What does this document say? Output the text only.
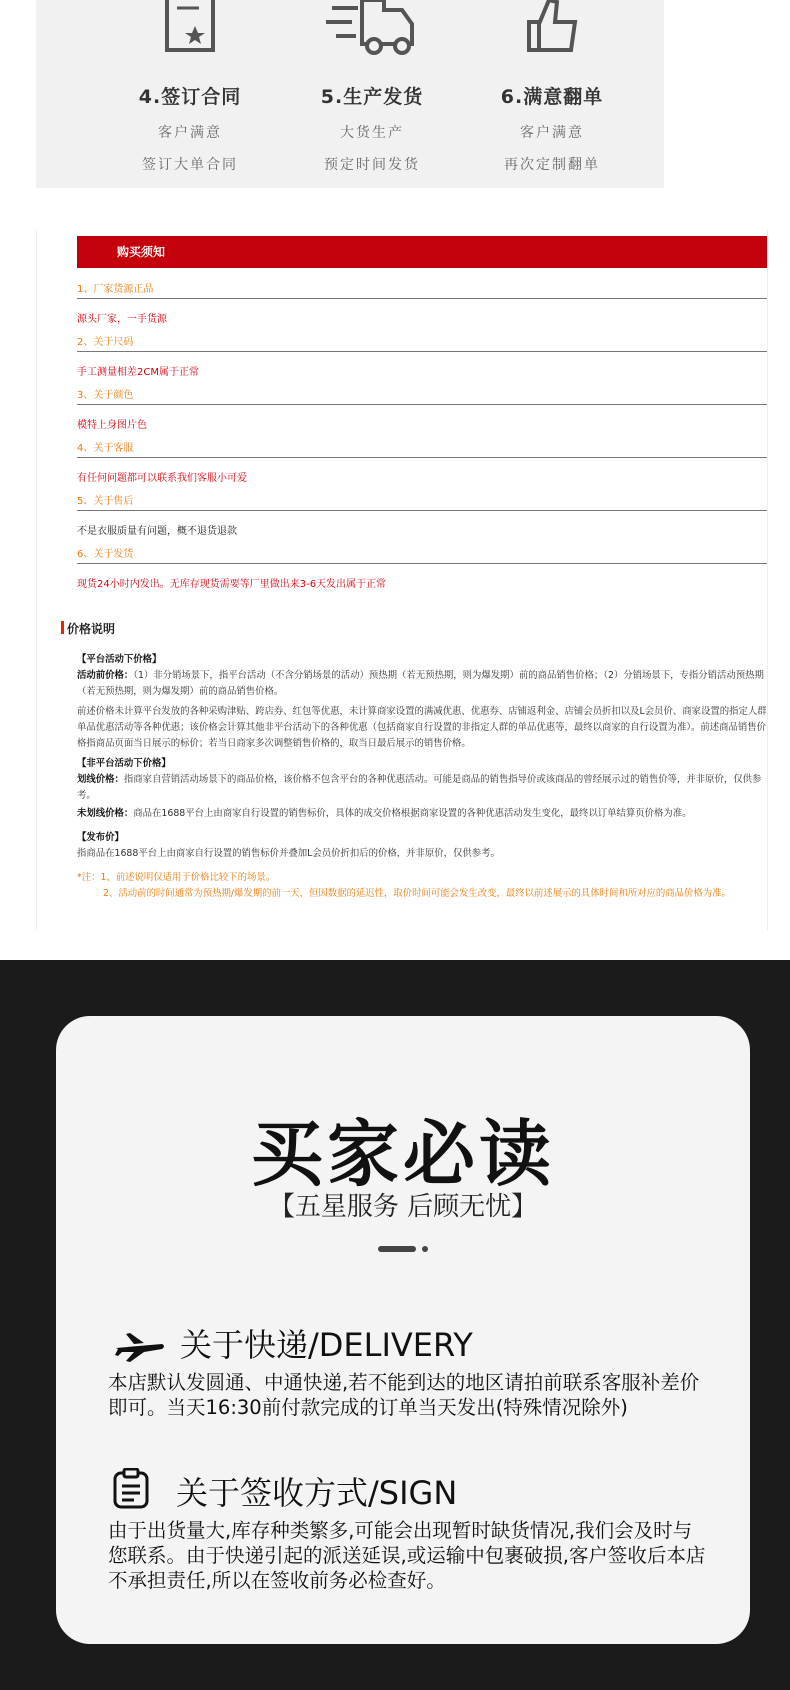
4.签订合同
客户满意
签订大单合同
5.生产发货
大货生产
预定时间发货
6.满意翻单
客户满意
再次定制翻单
购买须知
1、厂家货源正品
源头厂家，一手货源
2、关于尺码
手工测量相差2CM属于正常
3、关于颜色
模特上身图片色
4、关于客服
有任何问题都可以联系我们客服小可爱
5、关于售后
不是衣服质量有问题，概不退货退款
6、关于发货
现货24小时内发出。无库存现货需要等厂里做出来3-6天发出属于正常
价格说明
【平台活动下价格】
活动前价格：（1）非分销场景下，指平台活动（不含分销场景的活动）预热期（若无预热期，则为爆发期）前的商品销售价格；（2）分销场景下，专指分销活动预热期（若无预热期，则为爆发期）前的商品销售价格。
前述价格未计算平台发放的各种采购津贴、跨店券、红包等优惠，未计算商家设置的满减优惠、优惠券、店铺返利金、店铺会员折扣以及L会员价、商家设置的指定人群单品优惠活动等各种优惠；该价格会计算其他非平台活动下的各种优惠（包括商家自行设置的非指定人群的单品优惠等，最终以商家的自行设置为准）。前述商品销售价格指商品页面当日展示的标价；若当日商家多次调整销售价格的，取当日最后展示的销售价格。
【非平台活动下价格】
划线价格：指商家自营销活动场景下的商品价格，该价格不包含平台的各种优惠活动。可能是商品的销售指导价或该商品的曾经展示过的销售价等，并非原价，仅供参考。
未划线价格：商品在1688平台上由商家自行设置的销售标价，具体的成交价格根据商家设置的各种优惠活动发生变化，最终以订单结算页价格为准。
【发布价】
指商品在1688平台上由商家自行设置的销售标价并叠加L会员价折扣后的价格，并非原价，仅供参考。
*注：1、前述说明仅适用于价格比较下的场景。
2、活动前的时间通常为预热期/爆发期的前一天，但因数据的延迟性，取价时间可能会发生改变，最终以前述展示的具体时间和所对应的商品价格为准。
买家必读
【五星服务 后顾无忧】
关于快递/DELIVERY
本店默认发圆通、中通快递,若不能到达的地区请拍前联系客服补差价即可。当天16:30前付款完成的订单当天发出(特殊情况除外)
关于签收方式/SIGN
由于出货量大,库存种类繁多,可能会出现暂时缺货情况,我们会及时与您联系。由于快递引起的派送延误,或运输中包裹破损,客户签收后本店不承担责任,所以在签收前务必检查好。
